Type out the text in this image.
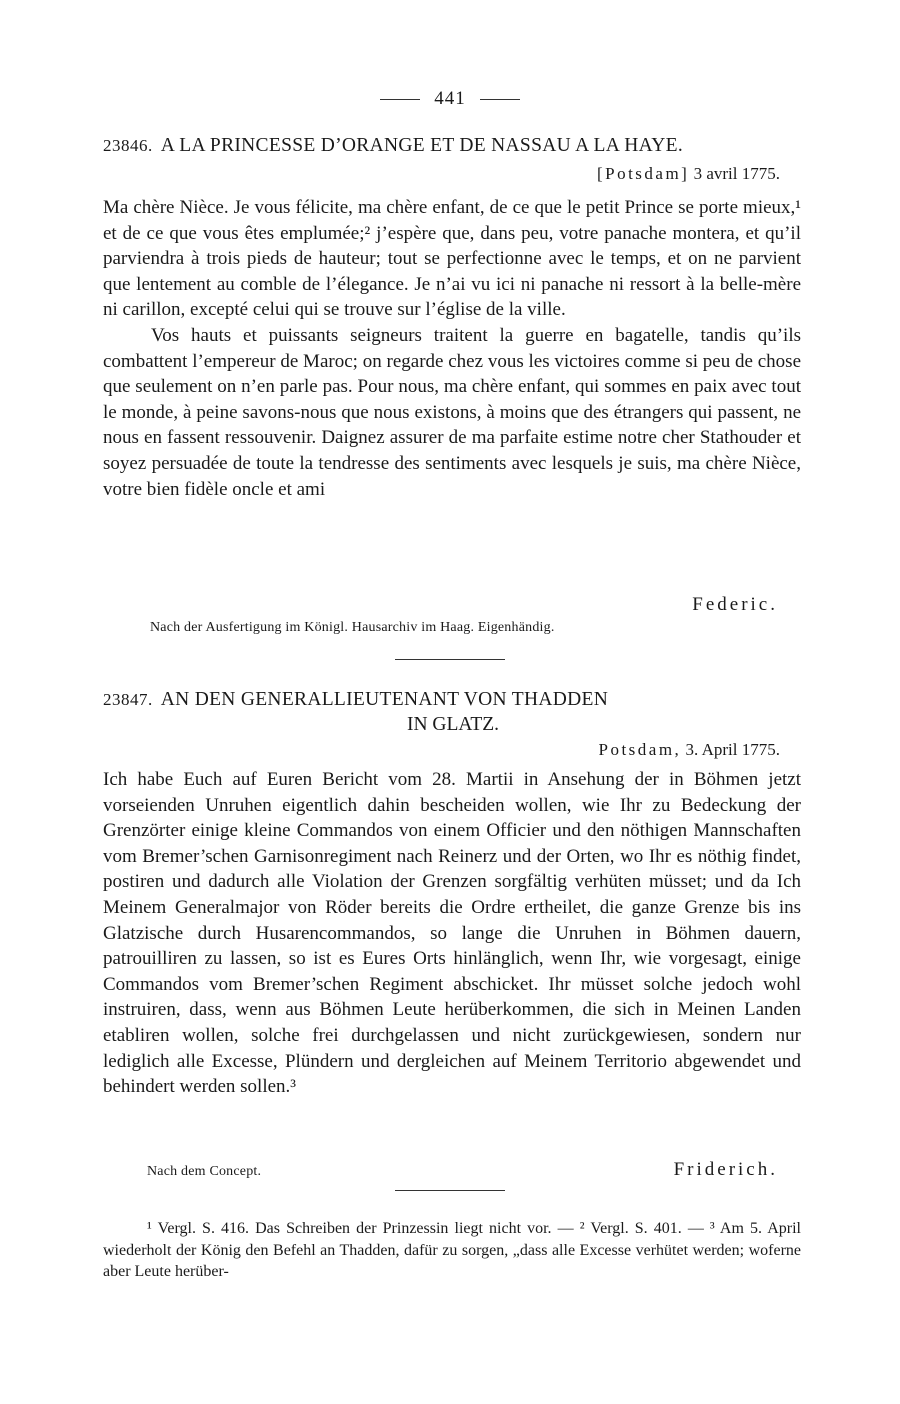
441
23846. A LA PRINCESSE D’ORANGE ET DE NASSAU A LA HAYE.
[Potsdam] 3 avril 1775.

Ma chère Nièce. Je vous félicite, ma chère enfant, de ce que le petit Prince se porte mieux,¹ et de ce que vous êtes emplumée;² j’espère que, dans peu, votre panache montera, et qu’il parviendra à trois pieds de hauteur; tout se perfectionne avec le temps, et on ne parvient que lentement au comble de l’élegance. Je n’ai vu ici ni panache ni ressort à la belle-mère ni carillon, excepté celui qui se trouve sur l’église de la ville.

Vos hauts et puissants seigneurs traitent la guerre en bagatelle, tandis qu’ils combattent l’empereur de Maroc; on regarde chez vous les victoires comme si peu de chose que seulement on n’en parle pas. Pour nous, ma chère enfant, qui sommes en paix avec tout le monde, à peine savons-nous que nous existons, à moins que des étrangers qui passent, ne nous en fassent ressouvenir. Daignez assurer de ma parfaite estime notre cher Stathouder et soyez persuadée de toute la tendresse des sentiments avec lesquels je suis, ma chère Nièce, votre bien fidèle oncle et ami

Federic.
Nach der Ausfertigung im Königl. Hausarchiv im Haag. Eigenhändig.
23847. AN DEN GENERALLIEUTENANT VON THADDEN
IN GLATZ.
Potsdam, 3. April 1775.

Ich habe Euch auf Euren Bericht vom 28. Martii in Ansehung der in Böhmen jetzt vorseienden Unruhen eigentlich dahin bescheiden wollen, wie Ihr zu Bedeckung der Grenzörter einige kleine Commandos von einem Officier und den nöthigen Mannschaften vom Bremer’schen Garnisonregiment nach Reinerz und der Orten, wo Ihr es nöthig findet, postiren und dadurch alle Violation der Grenzen sorgfältig verhüten müsset; und da Ich Meinem Generalmajor von Röder bereits die Ordre ertheilet, die ganze Grenze bis ins Glatzische durch Husarencommandos, so lange die Unruhen in Böhmen dauern, patrouilliren zu lassen, so ist es Eures Orts hinlänglich, wenn Ihr, wie vorgesagt, einige Commandos vom Bremer’schen Regiment abschicket. Ihr müsset solche jedoch wohl instruiren, dass, wenn aus Böhmen Leute herüberkommen, die sich in Meinen Landen etabliren wollen, solche frei durchgelassen und nicht zurückgewiesen, sondern nur lediglich alle Excesse, Plündern und dergleichen auf Meinem Territorio abgewendet und behindert werden sollen.³

Nach dem Concept.	Friderich.

¹ Vergl. S. 416. Das Schreiben der Prinzessin liegt nicht vor. — ² Vergl. S. 401. — ³ Am 5. April wiederholt der König den Befehl an Thadden, dafür zu sorgen, „dass alle Excesse verhütet werden; woferne aber Leute herüber-
